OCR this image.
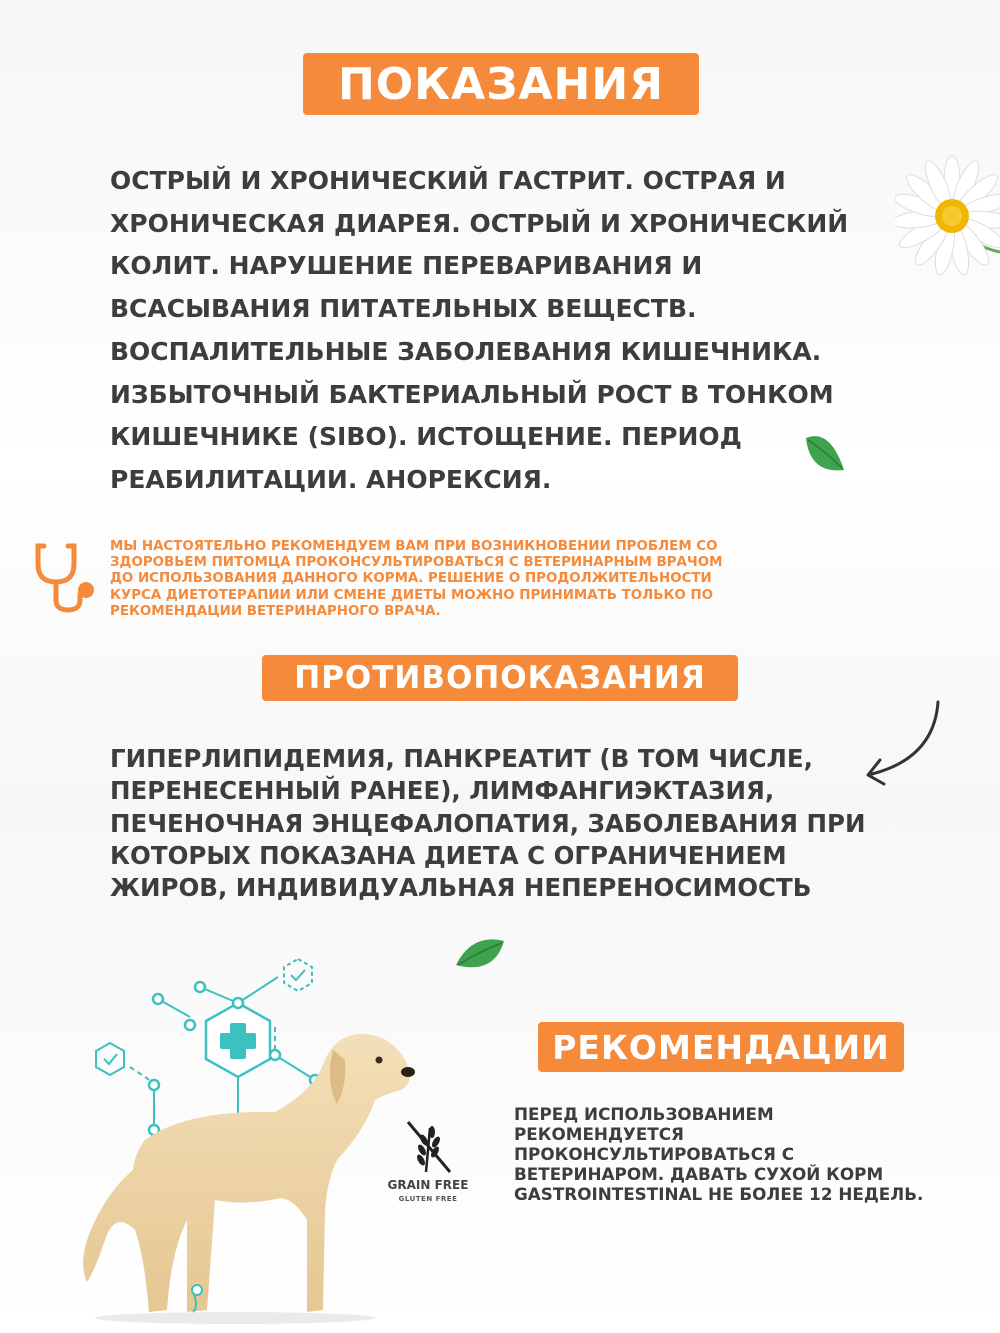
ПОКАЗАНИЯ
ОСТРЫЙ И ХРОНИЧЕСКИЙ ГАСТРИТ. ОСТРАЯ И
ХРОНИЧЕСКАЯ ДИАРЕЯ. ОСТРЫЙ И ХРОНИЧЕСКИЙ
КОЛИТ. НАРУШЕНИЕ ПЕРЕВАРИВАНИЯ И
ВСАСЫВАНИЯ ПИТАТЕЛЬНЫХ ВЕЩЕСТВ.
ВОСПАЛИТЕЛЬНЫЕ ЗАБОЛЕВАНИЯ КИШЕЧНИКА.
ИЗБЫТОЧНЫЙ БАКТЕРИАЛЬНЫЙ РОСТ В ТОНКОМ
КИШЕЧНИКЕ (SIBO). ИСТОЩЕНИЕ. ПЕРИОД
РЕАБИЛИТАЦИИ. АНОРЕКСИЯ.
МЫ НАСТОЯТЕЛЬНО РЕКОМЕНДУЕМ ВАМ ПРИ ВОЗНИКНОВЕНИИ ПРОБЛЕМ СО
ЗДОРОВЬЕМ ПИТОМЦА ПРОКОНСУЛЬТИРОВАТЬСЯ С ВЕТЕРИНАРНЫМ ВРАЧОМ
ДО ИСПОЛЬЗОВАНИЯ ДАННОГО КОРМА. РЕШЕНИЕ О ПРОДОЛЖИТЕЛЬНОСТИ
КУРСА ДИЕТОТЕРАПИИ ИЛИ СМЕНЕ ДИЕТЫ МОЖНО ПРИНИМАТЬ ТОЛЬКО ПО
РЕКОМЕНДАЦИИ ВЕТЕРИНАРНОГО ВРАЧА.
ПРОТИВОПОКАЗАНИЯ
ГИПЕРЛИПИДЕМИЯ, ПАНКРЕАТИТ (В ТОМ ЧИСЛЕ,
ПЕРЕНЕСЕННЫЙ РАНЕЕ), ЛИМФАНГИЭКТАЗИЯ,
ПЕЧЕНОЧНАЯ ЭНЦЕФАЛОПАТИЯ, ЗАБОЛЕВАНИЯ ПРИ
КОТОРЫХ ПОКАЗАНА ДИЕТА С ОГРАНИЧЕНИЕМ
ЖИРОВ, ИНДИВИДУАЛЬНАЯ НЕПЕРЕНОСИМОСТЬ
РЕКОМЕНДАЦИИ
GRAIN FREE
GLUTEN FREE
ПЕРЕД ИСПОЛЬЗОВАНИЕМ
РЕКОМЕНДУЕТСЯ
ПРОКОНСУЛЬТИРОВАТЬСЯ С
ВЕТЕРИНАРОМ. ДАВАТЬ СУХОЙ КОРМ
GASTROINTESTINAL НЕ БОЛЕЕ 12 НЕДЕЛЬ.
